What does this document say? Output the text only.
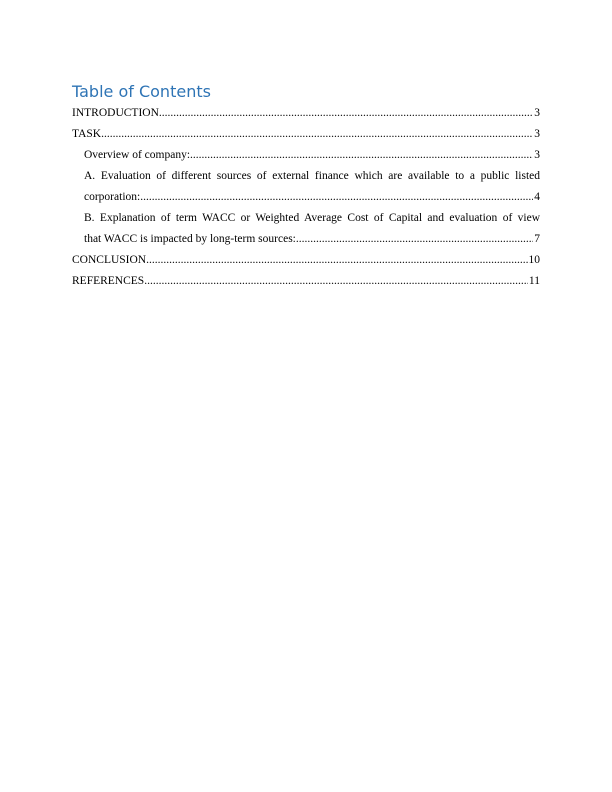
Table of Contents
INTRODUCTION .....	3
TASK .....	3
Overview of company: .....	3
A. Evaluation of different sources of external finance which are available to a public listed
corporation: .....	4
B. Explanation of term WACC or Weighted Average Cost of Capital and evaluation of view
that WACC is impacted by long-term sources: .....	7
CONCLUSION .....	10
REFERENCES .....	11
